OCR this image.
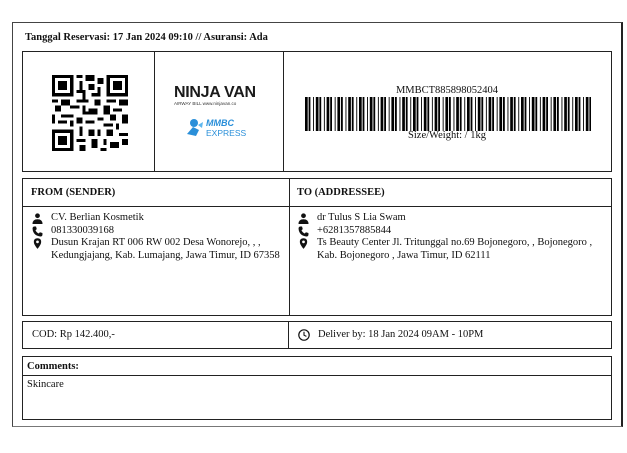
Tanggal Reservasi: 17 Jan 2024 09:10 // Asuransi: Ada
NINJA VAN
AIRWAY BILL www.ninjavan.co
MMBC
EXPRESS
MMBCT885898052404
Size/Weight: / 1kg
FROM (SENDER)
CV. Berlian Kosmetik
081330039168
Dusun Krajan RT 006 RW 002 Desa Wonorejo, , , Kedungjajang, Kab. Lumajang, Jawa Timur, ID 67358
TO (ADDRESSEE)
dr Tulus S Lia Swam
+6281357885844
Ts Beauty Center Jl. Tritunggal no.69 Bojonegoro, , Bojonegoro , Kab. Bojonegoro , Jawa Timur, ID 62111
COD: Rp 142.400,-	Deliver by: 18 Jan 2024 09AM - 10PM
Comments:
Skincare
